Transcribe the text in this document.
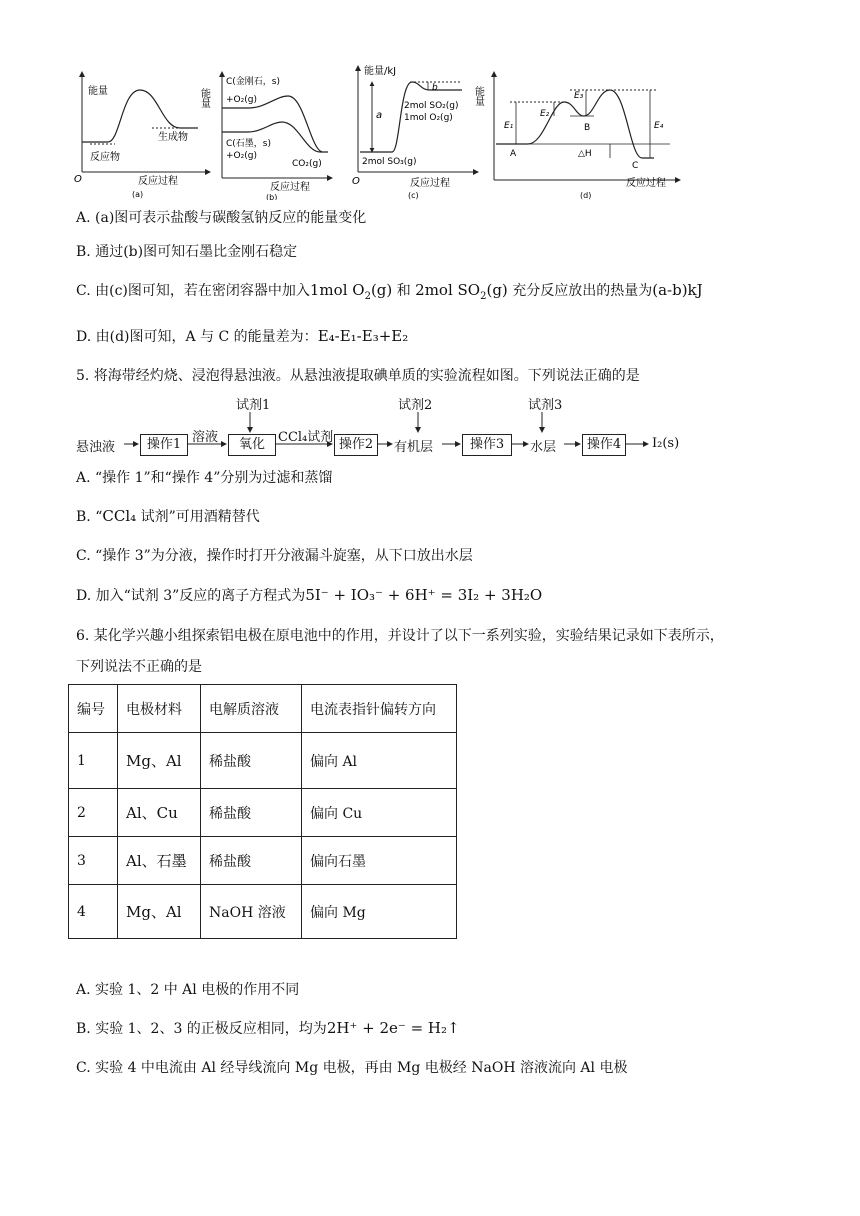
能量
生成物
反应物
O	反应过程
(a)
能量
C(金刚石，s)
+O₂(g)
C(石墨，s)
+O₂(g)
CO₂(g)
反应过程
(b)
能量/kJ
a
b
2mol SO₂(g)
1mol O₂(g)
2mol SO₃(g)
O	反应过程
(c)
能量
E₁
E₂
E₃
E₄
A
B
C
△H
反应过程
(d)
A. (a)图可表示盐酸与碳酸氢钠反应的能量变化
B. 通过(b)图可知石墨比金刚石稳定
C. 由(c)图可知，若在密闭容器中加入1mol $O_2(g)$ 和 2mol $SO_2(g)$ 充分反应放出的热量为(a-b)kJ
D. 由(d)图可知，A 与 C 的能量差为：E₄-E₁-E₃+E₂
5. 将海带经灼烧、浸泡得悬浊液。从悬浊液提取碘单质的实验流程如图。下列说法正确的是
悬浊液	操作1 溶液
试剂1
氧化	CCl₄试剂 操作2
试剂2
有机层	操作3
试剂3
水层	操作4	I₂(s)
A. “操作 1”和“操作 4”分别为过滤和蒸馏
B. “CCl₄ 试剂”可用酒精替代
C. “操作 3”为分液，操作时打开分液漏斗旋塞，从下口放出水层
D. 加入“试剂 3”反应的离子方程式为5I⁻ + IO₃⁻ + 6H⁺ = 3I₂ + 3H₂O
6. 某化学兴趣小组探索铝电极在原电池中的作用，并设计了以下一系列实验，实验结果记录如下表所示，
下列说法不正确的是
编号	电极材料	电解质溶液	电流表指针偏转方向
1	Mg、Al	稀盐酸	偏向 Al
2	Al、Cu	稀盐酸	偏向 Cu
3	Al、石墨	稀盐酸	偏向石墨
4	Mg、Al	NaOH 溶液	偏向 Mg
A. 实验 1、2 中 Al 电极的作用不同
B. 实验 1、2、3 的正极反应相同，均为2H⁺ + 2e⁻ = H₂↑
C. 实验 4 中电流由 Al 经导线流向 Mg 电极，再由 Mg 电极经 NaOH 溶液流向 Al 电极
